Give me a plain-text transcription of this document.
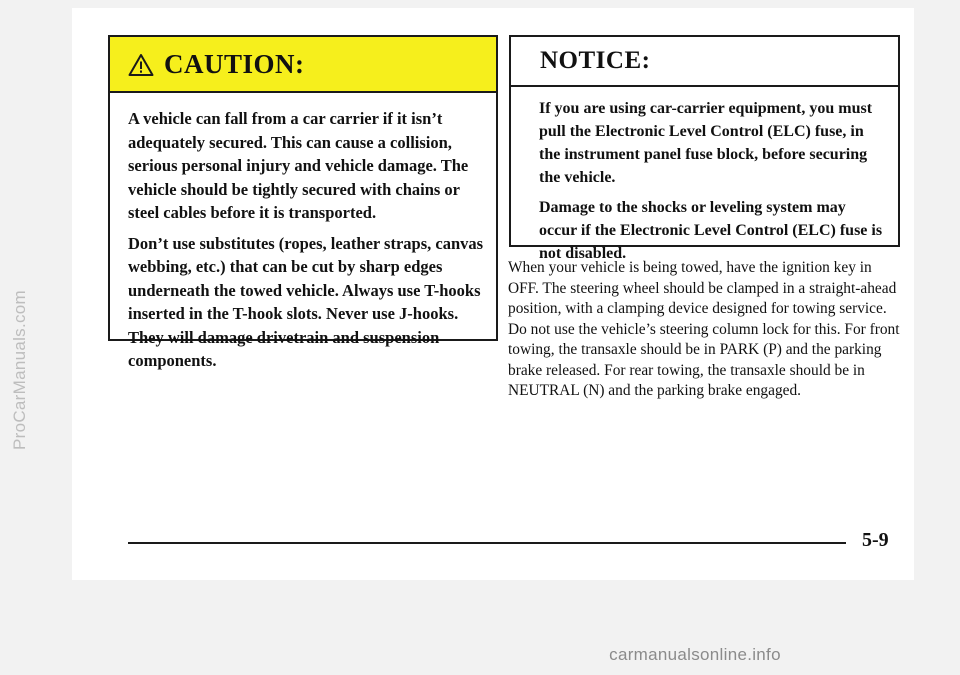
ProCarManuals.com
CAUTION:

A vehicle can fall from a car carrier if it isn’t adequately secured. This can cause a collision, serious personal injury and vehicle damage. The vehicle should be tightly secured with chains or steel cables before it is transported.

Don’t use substitutes (ropes, leather straps, canvas webbing, etc.) that can be cut by sharp edges underneath the towed vehicle. Always use T-hooks inserted in the T-hook slots. Never use J-hooks. They will damage drivetrain and suspension components.

NOTICE:

If you are using car-carrier equipment, you must pull the Electronic Level Control (ELC) fuse, in the instrument panel fuse block, before securing the vehicle.

Damage to the shocks or leveling system may occur if the Electronic Level Control (ELC) fuse is not disabled.

When your vehicle is being towed, have the ignition key in OFF. The steering wheel should be clamped in a straight-ahead position, with a clamping device designed for towing service. Do not use the vehicle’s steering column lock for this. For front towing, the transaxle should be in PARK (P) and the parking brake released. For rear towing, the transaxle should be in NEUTRAL (N) and the parking brake engaged.

5-9
carmanualsonline.info
